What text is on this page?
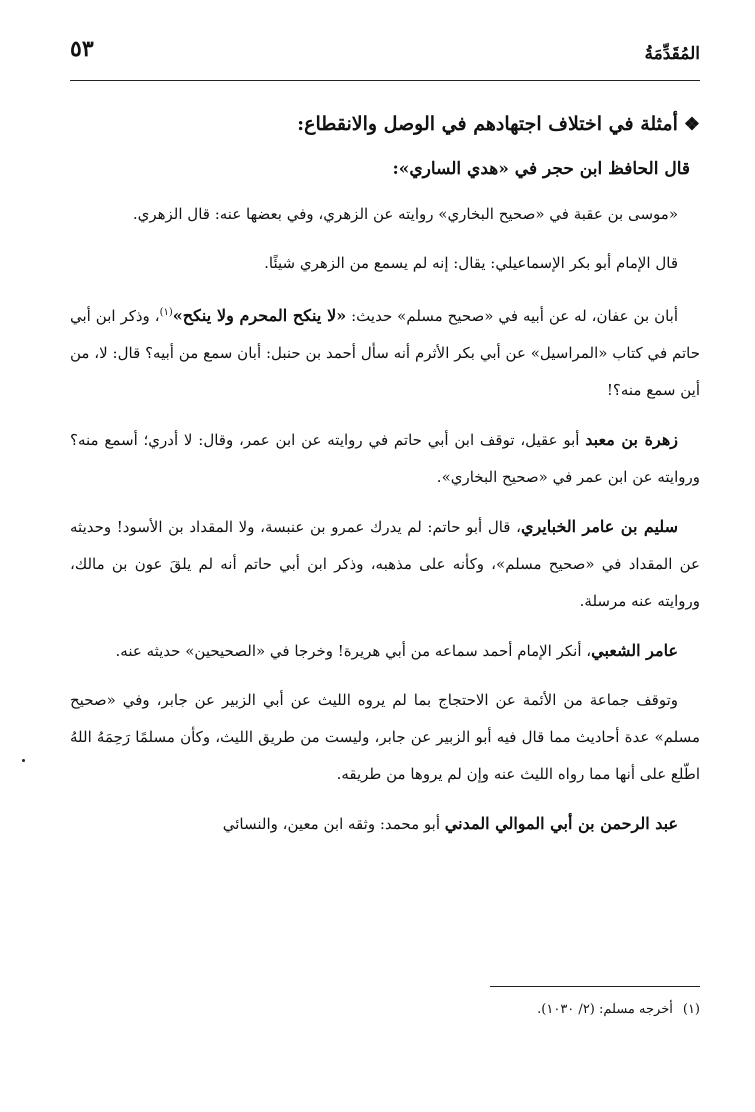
المُقَدِّمَةُ
٥٣
❖أمثلة في اختلاف اجتهادهم في الوصل والانقطاع:
قال الحافظ ابن حجر في «هدي الساري»:

«موسى بن عقبة في «صحيح البخاري» روايته عن الزهري، وفي بعضها عنه: قال الزهري.

قال الإمام أبو بكر الإسماعيلي: يقال: إنه لم يسمع من الزهري شيئًا.

أبان بن عفان، له عن أبيه في «صحيح مسلم» حديث: «لا ينكح المحرم ولا ينكح»$^{(١)}$، وذكر ابن أبي حاتم في كتاب «المراسيل» عن أبي بكر الأثرم أنه سأل أحمد بن حنبل: أبان سمع من أبيه؟ قال: لا، من أين سمع منه؟!

زهرة بن معبد أبو عقيل، توقف ابن أبي حاتم في روايته عن ابن عمر، وقال: لا أدري؛ أسمع منه؟ وروايته عن ابن عمر في «صحيح البخاري».

سليم بن عامر الخبايري، قال أبو حاتم: لم يدرك عمرو بن عنبسة، ولا المقداد بن الأسود! وحديثه عن المقداد في «صحيح مسلم»، وكأنه على مذهبه، وذكر ابن أبي حاتم أنه لم يلقَ عون بن مالك، وروايته عنه مرسلة.

عامر الشعبي، أنكر الإمام أحمد سماعه من أبي هريرة! وخرجا في «الصحيحين» حديثه عنه.

وتوقف جماعة من الأئمة عن الاحتجاج بما لم يروه الليث عن أبي الزبير عن جابر، وفي «صحيح مسلم» عدة أحاديث مما قال فيه أبو الزبير عن جابر، وليست من طريق الليث، وكأن مسلمًا رَحِمَهُ اللهُ اطّلع على أنها مما رواه الليث عنه وإن لم يروها من طريقه.

عبد الرحمن بن أبي الموالي المدني أبو محمد: وثقه ابن معين، والنسائي

(١)أخرجه مسلم: (٢/ ١٠٣٠).
